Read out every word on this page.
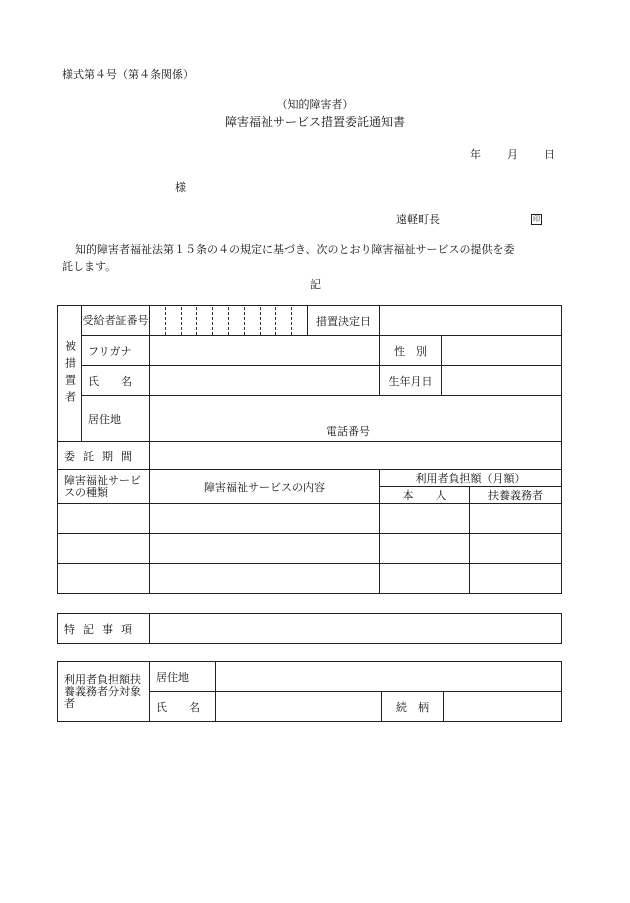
様式第４号（第４条関係）
（知的障害者）
障害福祉サービス措置委託通知書
年 月 日
様
遠軽町長	印
知的障害者福祉法第１５条の４の規定に基づき、次のとおり障害福祉サービスの提供を委
託します。
記
被措置者	受給者証番号		措置決定日			
	フリガナ			性　別		
	氏　　名			生年月日		
	居住地	電話番号				

委託期間						
障害福祉サービスの種類		障害福祉サービスの内容		利用者負担額（月額）		
				本　　人		扶養義務者

特記事項	
利用者負担額扶養義務者分対象者	居住地			
	氏　　名		続　柄	
